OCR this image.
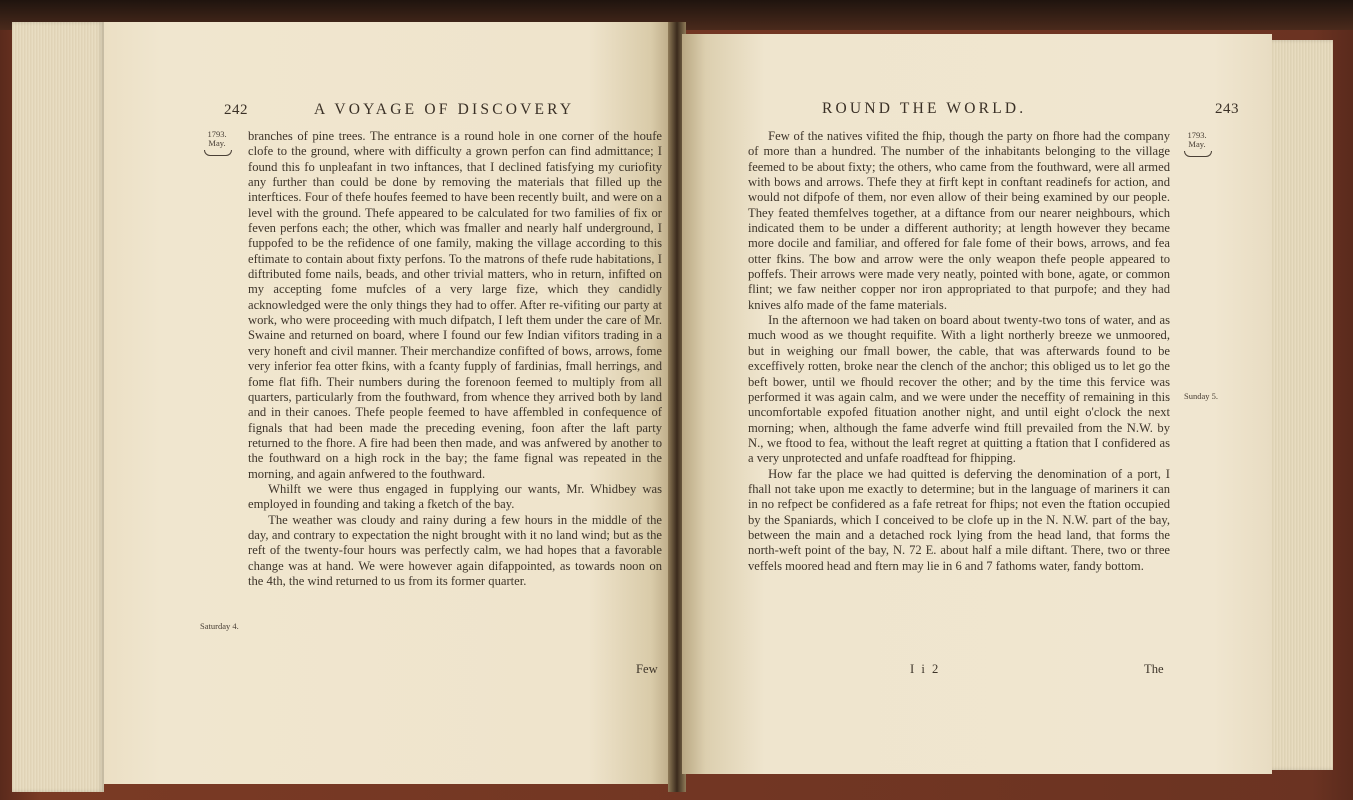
242	A VOYAGE OF DISCOVERY
1793.
May.	branches of pine trees. The entrance is a round hole in one corner of the houfe clofe to the ground, where with difficulty a grown perfon can find admittance; I found this fo unpleafant in two inftances, that I declined fatisfying my curiofity any further than could be done by removing the materials that filled up the interftices. Four of thefe houfes feemed to have been recently built, and were on a level with the ground. Thefe appeared to be calculated for two families of fix or feven perfons each; the other, which was fmaller and nearly half underground, I fuppofed to be the refidence of one family, making the village according to this eftimate to contain about fixty perfons. To the matrons of thefe rude habitations, I diftributed fome nails, beads, and other trivial matters, who in return, infifted on my accepting fome mufcles of a very large fize, which they candidly acknowledged were the only things they had to offer. After re-vifiting our party at work, who were proceeding with much difpatch, I left them under the care of Mr. Swaine and returned on board, where I found our few Indian vifitors trading in a very honeft and civil manner. Their merchandize confifted of bows, arrows, fome very inferior fea otter fkins, with a fcanty fupply of fardinias, fmall herrings, and fome flat fifh. Their numbers during the forenoon feemed to multiply from all quarters, particularly from the fouthward, from whence they arrived both by land and in their canoes. Thefe people feemed to have affembled in confequence of fignals that had been made the preceding evening, foon after the laft party returned to the fhore. A fire had been then made, and was anfwered by another to the fouthward on a high rock in the bay; the fame fignal was repeated in the morning, and again anfwered to the fouthward.

Whilft we were thus engaged in fupplying our wants, Mr. Whidbey was employed in founding and taking a fketch of the bay.

The weather was cloudy and rainy during a few hours in the middle of the day, and contrary to expectation the night brought with it no land wind; but as the reft of the twenty-four hours was perfectly calm, we had hopes that a favorable change was at hand. We were however again difappointed, as towards noon on the 4th, the wind returned to us from its former quarter.

Saturday 4.
Few
ROUND THE WORLD.	243

Few of the natives vifited the fhip, though the party on fhore had the company of more than a hundred. The number of the inhabitants belonging to the village feemed to be about fixty; the others, who came from the fouthward, were all armed with bows and arrows. Thefe they at firft kept in conftant readinefs for action, and would not difpofe of them, nor even allow of their being examined by our people. They feated themfelves together, at a diftance from our nearer neighbours, which indicated them to be under a different authority; at length however they became more docile and familiar, and offered for fale fome of their bows, arrows, and fea otter fkins. The bow and arrow were the only weapon thefe people appeared to poffefs. Their arrows were made very neatly, pointed with bone, agate, or common flint; we faw neither copper nor iron appropriated to that purpofe; and they had knives alfo made of the fame materials.

In the afternoon we had taken on board about twenty-two tons of water, and as much wood as we thought requifite. With a light northerly breeze we unmoored, but in weighing our fmall bower, the cable, that was afterwards found to be exceffively rotten, broke near the clench of the anchor; this obliged us to let go the beft bower, until we fhould recover the other; and by the time this fervice was performed it was again calm, and we were under the neceffity of remaining in this uncomfortable expofed fituation another night, and until eight o'clock the next morning; when, although the fame adverfe wind ftill prevailed from the N.W. by N., we ftood to fea, without the leaft regret at quitting a ftation that I confidered as a very unprotected and unfafe roadftead for fhipping.

How far the place we had quitted is deferving the denomination of a port, I fhall not take upon me exactly to determine; but in the language of mariners it can in no refpect be confidered as a fafe retreat for fhips; not even the ftation occupied by the Spaniards, which I conceived to be clofe up in the N. N.W. part of the bay, between the main and a detached rock lying from the head land, that forms the north-weft point of the bay, N. 72 E. about half a mile diftant. There, two or three veffels moored head and ftern may lie in 6 and 7 fathoms water, fandy bottom.

1793.
May.
Sunday 5.
I i 2	The
